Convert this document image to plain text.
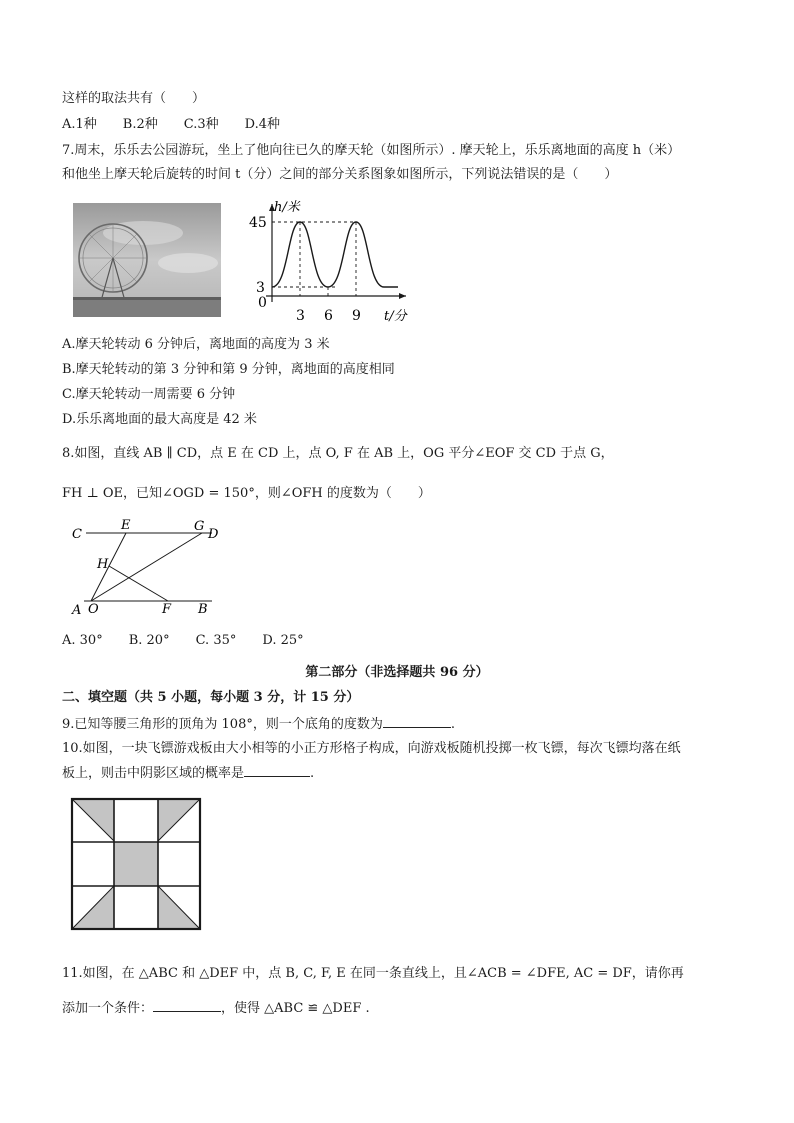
这样的取法共有（　　）
A.1种 B.2种 C.3种 D.4种
7.周末，乐乐去公园游玩，坐上了他向往已久的摩天轮（如图所示）. 摩天轮上，乐乐离地面的高度 h（米）
和他坐上摩天轮后旋转的时间 t（分）之间的部分关系图象如图所示，下列说法错误的是（　　）
h/米
45
3
0
3 6 9 t/分
A.摩天轮转动 6 分钟后，离地面的高度为 3 米
B.摩天轮转动的第 3 分钟和第 9 分钟，离地面的高度相同
C.摩天轮转动一周需要 6 分钟
D.乐乐离地面的最大高度是 42 米
8.如图，直线 AB ∥ CD，点 E 在 CD 上，点 O, F 在 AB 上，OG 平分∠EOF 交 CD 于点 G，
FH ⊥ OE，已知∠OGD = 150°，则∠OFH 的度数为（　　）
C
E	G
D
H
A O	F B
A. 30° B. 20° C. 35° D. 25°
第二部分（非选择题共 96 分）
二、填空题（共 5 小题，每小题 3 分，计 15 分）
9.已知等腰三角形的顶角为 108°，则一个底角的度数为	.
10.如图，一块飞镖游戏板由大小相等的小正方形格子构成，向游戏板随机投掷一枚飞镖，每次飞镖均落在纸
板上，则击中阴影区域的概率是	.
11.如图，在 △ABC 和 △DEF 中，点 B, C, F, E 在同一条直线上，且∠ACB = ∠DFE, AC = DF，请你再
添加一个条件：	，使得 △ABC ≌ △DEF .
